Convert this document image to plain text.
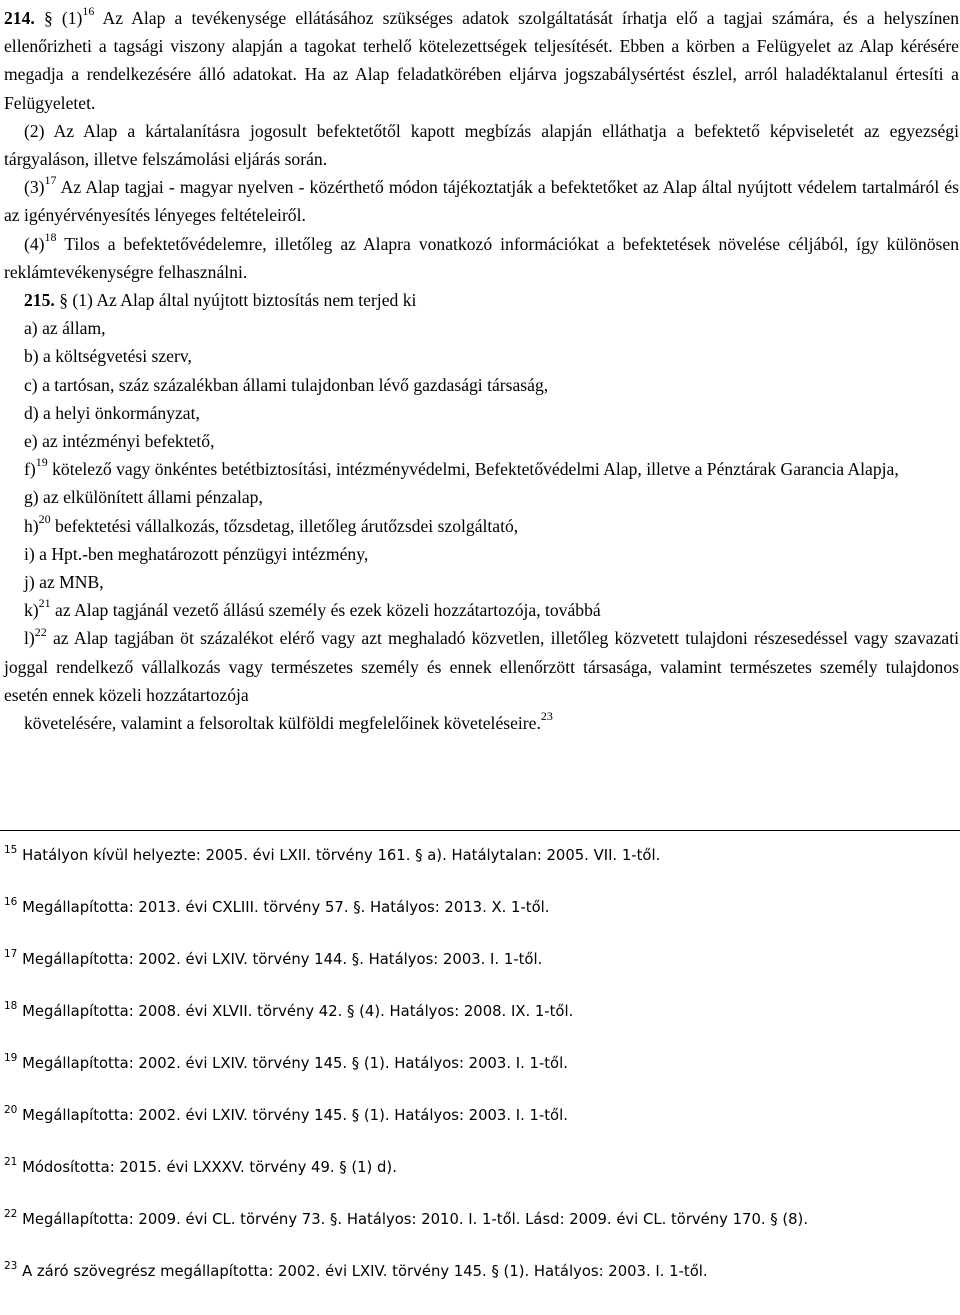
214. § $(1)^{16}$ Az Alap a tevékenysége ellátásához szükséges adatok szolgáltatását írhatja elő a tagjai számára, és a helyszínen ellenőrizheti a tagsági viszony alapján a tagokat terhelő kötelezettségek teljesítését. Ebben a körben a Felügyelet az Alap kérésére megadja a rendelkezésére álló adatokat. Ha az Alap feladatkörében eljárva jogszabálysértést észlel, arról haladéktalanul értesíti a Felügyeletet.
(2) Az Alap a kártalanításra jogosult befektetőtől kapott megbízás alapján elláthatja a befektető képviseletét az egyezségi tárgyaláson, illetve felszámolási eljárás során.
$(3)^{17}$ Az Alap tagjai - magyar nyelven - közérthető módon tájékoztatják a befektetőket az Alap által nyújtott védelem tartalmáról és az igényérvényesítés lényeges feltételeiről.
$(4)^{18}$ Tilos a befektetővédelemre, illetőleg az Alapra vonatkozó információkat a befektetések növelése céljából, így különösen reklámtevékenységre felhasználni.
215. § (1) Az Alap által nyújtott biztosítás nem terjed ki
a) az állam,
b) a költségvetési szerv,
c) a tartósan, száz százalékban állami tulajdonban lévő gazdasági társaság,
d) a helyi önkormányzat,
e) az intézményi befektető,
f)$^{19}$ kötelező vagy önkéntes betétbiztosítási, intézményvédelmi, Befektetővédelmi Alap, illetve a Pénztárak Garancia Alapja,
g) az elkülönített állami pénzalap,
h)$^{20}$ befektetési vállalkozás, tőzsdetag, illetőleg árutőzsdei szolgáltató,
i) a Hpt.-ben meghatározott pénzügyi intézmény,
j) az MNB,
k)$^{21}$ az Alap tagjánál vezető állású személy és ezek közeli hozzátartozója, továbbá
l)$^{22}$ az Alap tagjában öt százalékot elérő vagy azt meghaladó közvetlen, illetőleg közvetett tulajdoni részesedéssel vagy szavazati joggal rendelkező vállalkozás vagy természetes személy és ennek ellenőrzött társasága, valamint természetes személy tulajdonos esetén ennek közeli hozzátartozója
követelésére, valamint a felsoroltak külföldi megfelelőinek követeléseire.$^{23}$
$^{15}$ Hatályon kívül helyezte: 2005. évi LXII. törvény 161. § a). Hatálytalan: 2005. VII. 1-től.
$^{16}$ Megállapította: 2013. évi CXLIII. törvény 57. §. Hatályos: 2013. X. 1-től.
$^{17}$ Megállapította: 2002. évi LXIV. törvény 144. §. Hatályos: 2003. I. 1-től.
$^{18}$ Megállapította: 2008. évi XLVII. törvény 42. § (4). Hatályos: 2008. IX. 1-től.
$^{19}$ Megállapította: 2002. évi LXIV. törvény 145. § (1). Hatályos: 2003. I. 1-től.
$^{20}$ Megállapította: 2002. évi LXIV. törvény 145. § (1). Hatályos: 2003. I. 1-től.
$^{21}$ Módosította: 2015. évi LXXXV. törvény 49. § (1) d).
$^{22}$ Megállapította: 2009. évi CL. törvény 73. §. Hatályos: 2010. I. 1-től. Lásd: 2009. évi CL. törvény 170. § (8).
$^{23}$ A záró szövegrész megállapította: 2002. évi LXIV. törvény 145. § (1). Hatályos: 2003. I. 1-től.
